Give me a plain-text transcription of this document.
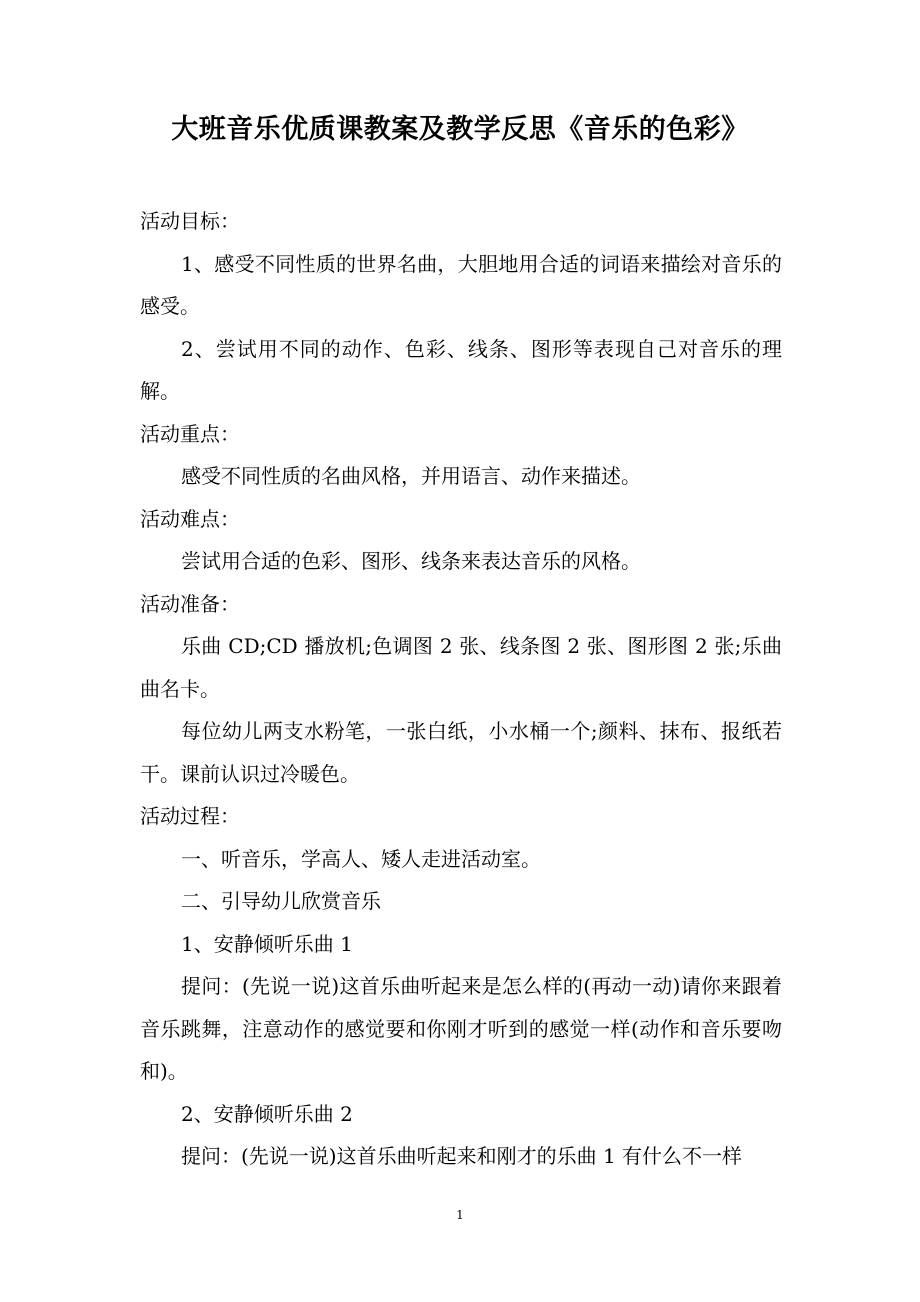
大班音乐优质课教案及教学反思《音乐的色彩》

活动目标：

1、感受不同性质的世界名曲，大胆地用合适的词语来描绘对音乐的感受。

2、尝试用不同的动作、色彩、线条、图形等表现自己对音乐的理解。

活动重点：

感受不同性质的名曲风格，并用语言、动作来描述。

活动难点：

尝试用合适的色彩、图形、线条来表达音乐的风格。

活动准备：

乐曲 CD;CD 播放机;色调图 2 张、线条图 2 张、图形图 2 张;乐曲曲名卡。

每位幼儿两支水粉笔，一张白纸，小水桶一个;颜料、抹布、报纸若干。课前认识过冷暖色。

活动过程：

一、听音乐，学高人、矮人走进活动室。

二、引导幼儿欣赏音乐

1、安静倾听乐曲 1

提问：(先说一说)这首乐曲听起来是怎么样的(再动一动)请你来跟着音乐跳舞，注意动作的感觉要和你刚才听到的感觉一样(动作和音乐要吻和)。

2、安静倾听乐曲 2

提问：(先说一说)这首乐曲听起来和刚才的乐曲 1 有什么不一样

1
